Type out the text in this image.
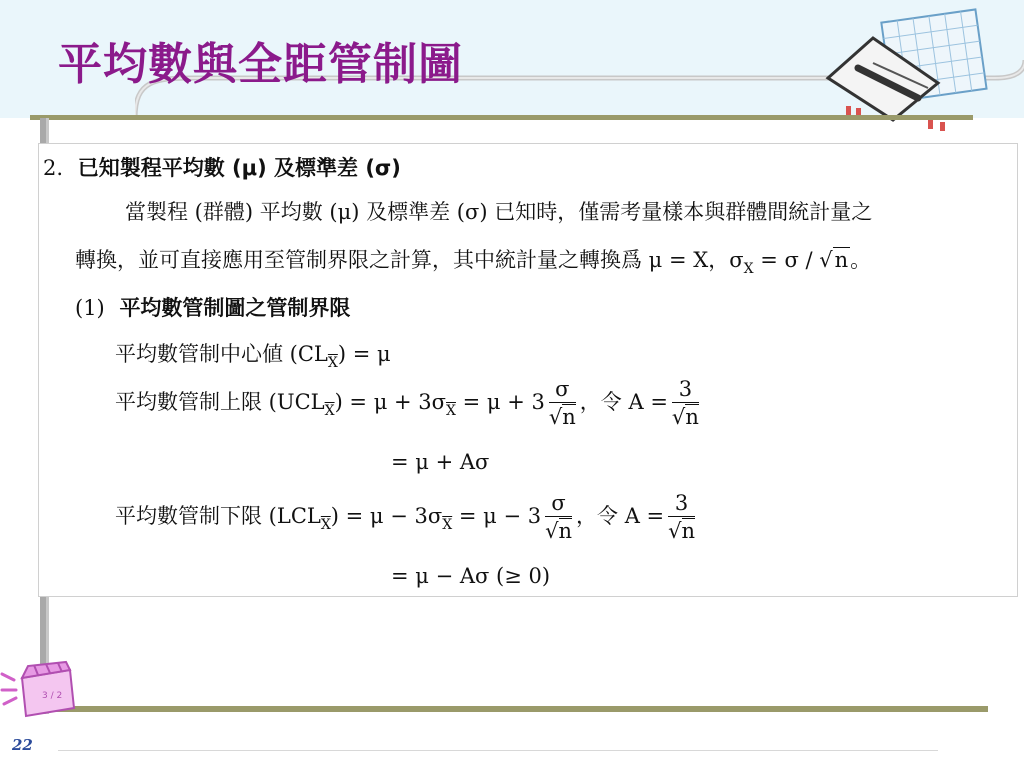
平均數與全距管制圖
2. 已知製程平均數 (μ) 及標準差 (σ)
當製程 (群體) 平均數 (μ) 及標準差 (σ) 已知時，僅需考量樣本與群體間統計量之
轉換，並可直接應用至管制界限之計算，其中統計量之轉換爲 μ = X，$\sigma_X = \sigma / √n$。
(1) 平均數管制圖之管制界限
平均數管制中心値 $(CL_{\overline{X}}) = \mu$
平均數管制上限 $(UCL_{\overline{X}}) = \mu + 3\sigma_{\overline{X}} = \mu + 3 \frac{\sigma}{√n}$ ，令 $A = \frac{3}{√n}$
= μ + Aσ
平均數管制下限 $(LCL_{\overline{X}}) = \mu - 3\sigma_{\overline{X}} = \mu - 3 \frac{\sigma}{√n}$ ，令 $A = \frac{3}{√n}$
= μ − Aσ (≥ 0)
3 / 2
22
